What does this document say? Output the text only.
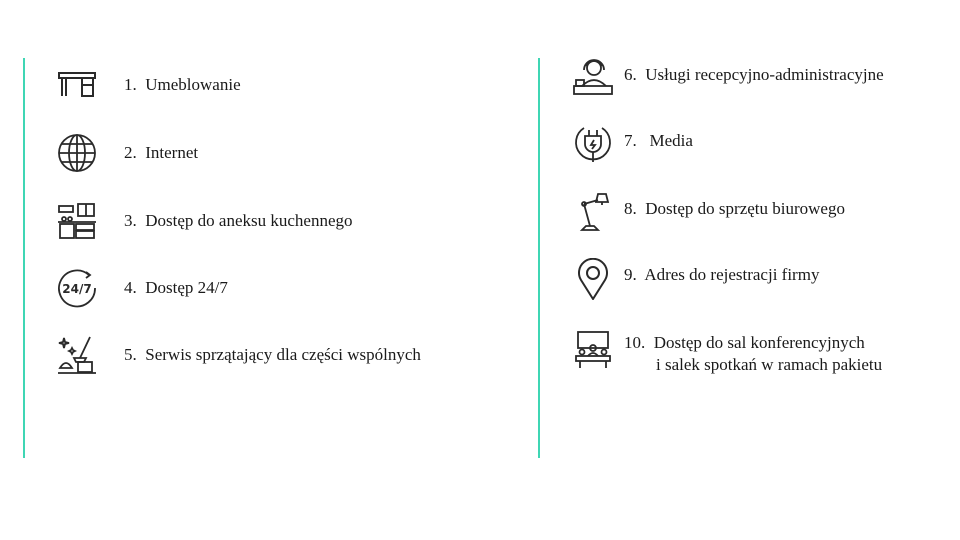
1. Umeblowanie
2. Internet
3. Dostęp do aneksu kuchennego
24/7 4. Dostęp 24/7
5. Serwis sprzątający dla części wspólnych
6. Usługi recepcyjno-administracyjne
7. Media
8. Dostęp do sprzętu biurowego
9. Adres do rejestracji firmy
10. Dostęp do sal konferencyjnych
i salek spotkań w ramach pakietu
